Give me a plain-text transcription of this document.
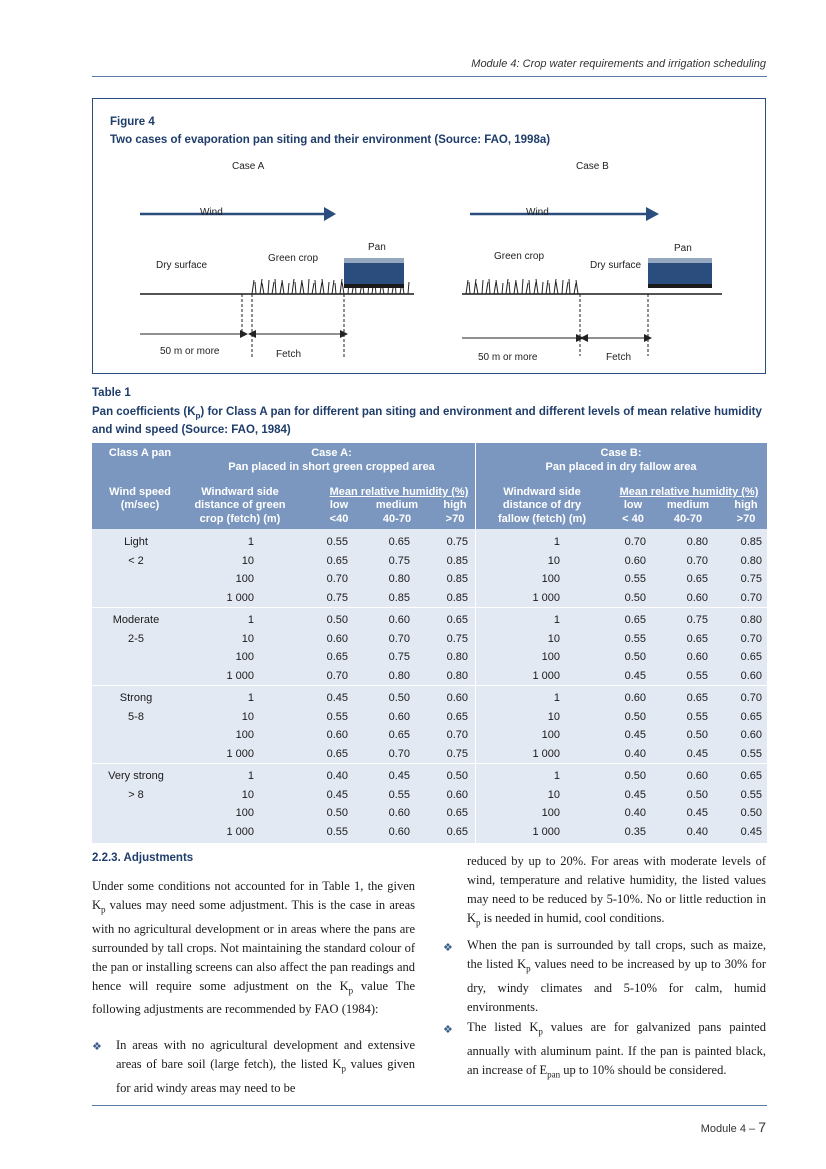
Module 4: Crop water requirements and irrigation scheduling
Figure 4
Two cases of evaporation pan siting and their environment (Source: FAO, 1998a)
Case A	Case B
Wind	Wind
Dry surface
Green crop
Pan
Green crop
Dry surface
Pan
50 m or more	Fetch	50 m or more	Fetch
Table 1
Pan coefficients $(K_p)$ for Class A pan for different pan siting and environment and different levels of mean relative humidity and wind speed (Source: FAO, 1984)
Class A pan	Case A:
Pan placed in short green cropped area
Case B:
Pan placed in dry fallow area
Wind speed
(m/sec)
Windward side
distance of green
crop (fetch) (m)
Mean relative humidity (%)
low	medium	high
<40	40-70	>70
Windward side
distance of dry
fallow (fetch) (m)
Mean relative humidity (%)
low	medium	high
< 40	40-70	>70
Light
< 2
1	0.55	0.65	0.75	1	0.70	0.80	0.85
10	0.65	0.75	0.85	10	0.60	0.70	0.80
100	0.70	0.80	0.85	100	0.55	0.65	0.75
1 000	0.75	0.85	0.85	1 000	0.50	0.60	0.70
Moderate
2-5
1	0.50	0.60	0.65	1	0.65	0.75	0.80
10	0.60	0.70	0.75	10	0.55	0.65	0.70
100	0.65	0.75	0.80	100	0.50	0.60	0.65
1 000	0.70	0.80	0.80	1 000	0.45	0.55	0.60
Strong
5-8
1	0.45	0.50	0.60	1	0.60	0.65	0.70
10	0.55	0.60	0.65	10	0.50	0.55	0.65
100	0.60	0.65	0.70	100	0.45	0.50	0.60
1 000	0.65	0.70	0.75	1 000	0.40	0.45	0.55
Very strong
> 8
1	0.40	0.45	0.50	1	0.50	0.60	0.65
10	0.45	0.55	0.60	10	0.45	0.50	0.55
100	0.50	0.60	0.65	100	0.40	0.45	0.50
1 000	0.55	0.60	0.65	1 000	0.35	0.40	0.45
2.2.3. Adjustments
Under some conditions not accounted for in Table 1, the given $K_p$ values may need some adjustment. This is the case in areas with no agricultural development or in areas where the pans are surrounded by tall crops. Not maintaining the standard colour of the pan or installing screens can also affect the pan readings and hence will require some adjustment on the $K_p$ value The following adjustments are recommended by FAO (1984):
❖ In areas with no agricultural development and extensive areas of bare soil (large fetch), the listed $K_p$ values given for arid windy areas may need to be
reduced by up to 20%. For areas with moderate levels of wind, temperature and relative humidity, the listed values may need to be reduced by 5-10%. No or little reduction in $K_p$ is needed in humid, cool conditions.
❖ When the pan is surrounded by tall crops, such as maize, the listed $K_p$ values need to be increased by up to 30% for dry, windy climates and 5-10% for calm, humid environments.
❖ The listed $K_p$ values are for galvanized pans painted annually with aluminum paint. If the pan is painted black, an increase of $E_{pan}$ up to 10% should be considered.
Module 4 – 7
